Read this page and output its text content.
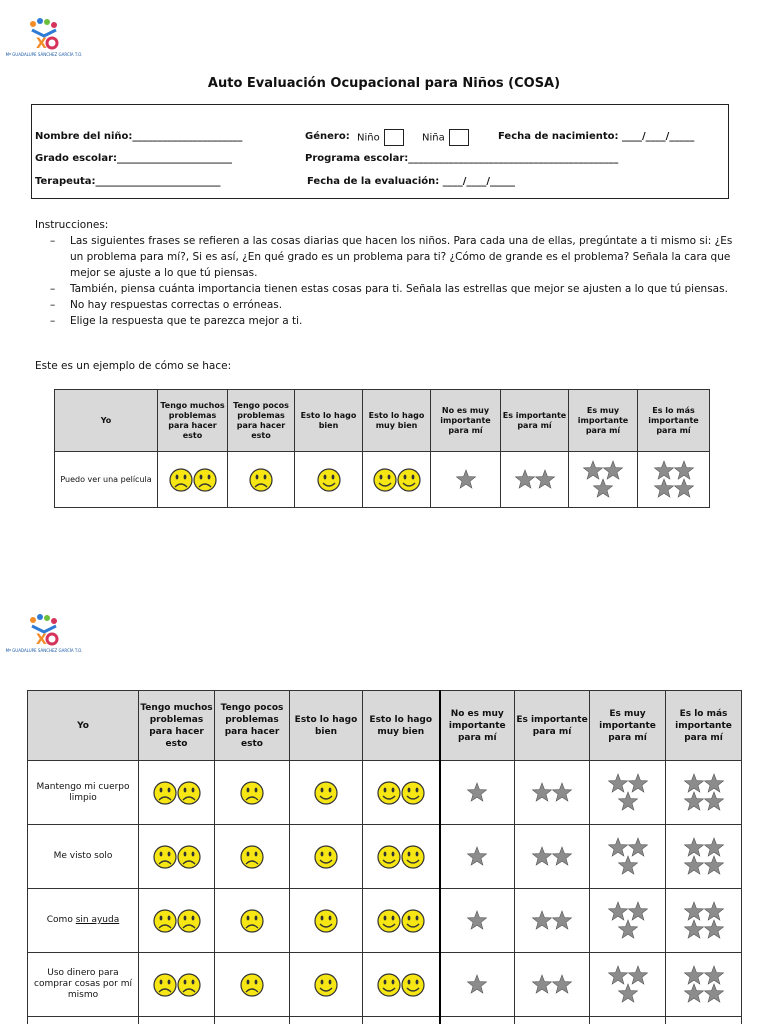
X
Mª GUADALUPE SÁNCHEZ GARCÍA T.O.
Auto Evaluación Ocupacional para Niños (COSA)
Nombre del niño:______________________	Género: Niño	Niña	Fecha de nacimiento: ____/____/_____
Grado escolar:_______________________	Programa escolar:__________________________________________
Terapeuta:_________________________	Fecha de la evaluación: ____/____/_____
Instrucciones:
– Las siguientes frases se refieren a las cosas diarias que hacen los niños. Para cada una de ellas, pregúntate a ti mismo si: ¿Es un problema para mí?, Si es así, ¿En qué grado es un problema para ti? ¿Cómo de grande es el problema? Señala la cara que mejor se ajuste a lo que tú piensas.
– También, piensa cuánta importancia tienen estas cosas para ti. Señala las estrellas que mejor se ajusten a lo que tú piensas.
– No hay respuestas correctas o erróneas.
– Elige la respuesta que te parezca mejor a ti.
Este es un ejemplo de cómo se hace:
Yo	Tengo muchos problemas para hacer esto	Tengo pocos problemas para hacer esto	Esto lo hago bien	Esto lo hago muy bien	No es muy importante para mí	Es importante para mí	Es muy importante para mí	Es lo más importante para mí
Puedo ver una película								
X
Mª GUADALUPE SÁNCHEZ GARCÍA T.O.
Yo	Tengo muchos problemas para hacer esto	Tengo pocos problemas para hacer esto	Esto lo hago bien	Esto lo hago muy bien	No es muy importante para mí	Es importante para mí	Es muy importante para mí	Es lo más importante para mí
Mantengo mi cuerpo limpio								
Me visto solo								
Como sin ayuda								
Uso dinero para comprar cosas por mí mismo								
